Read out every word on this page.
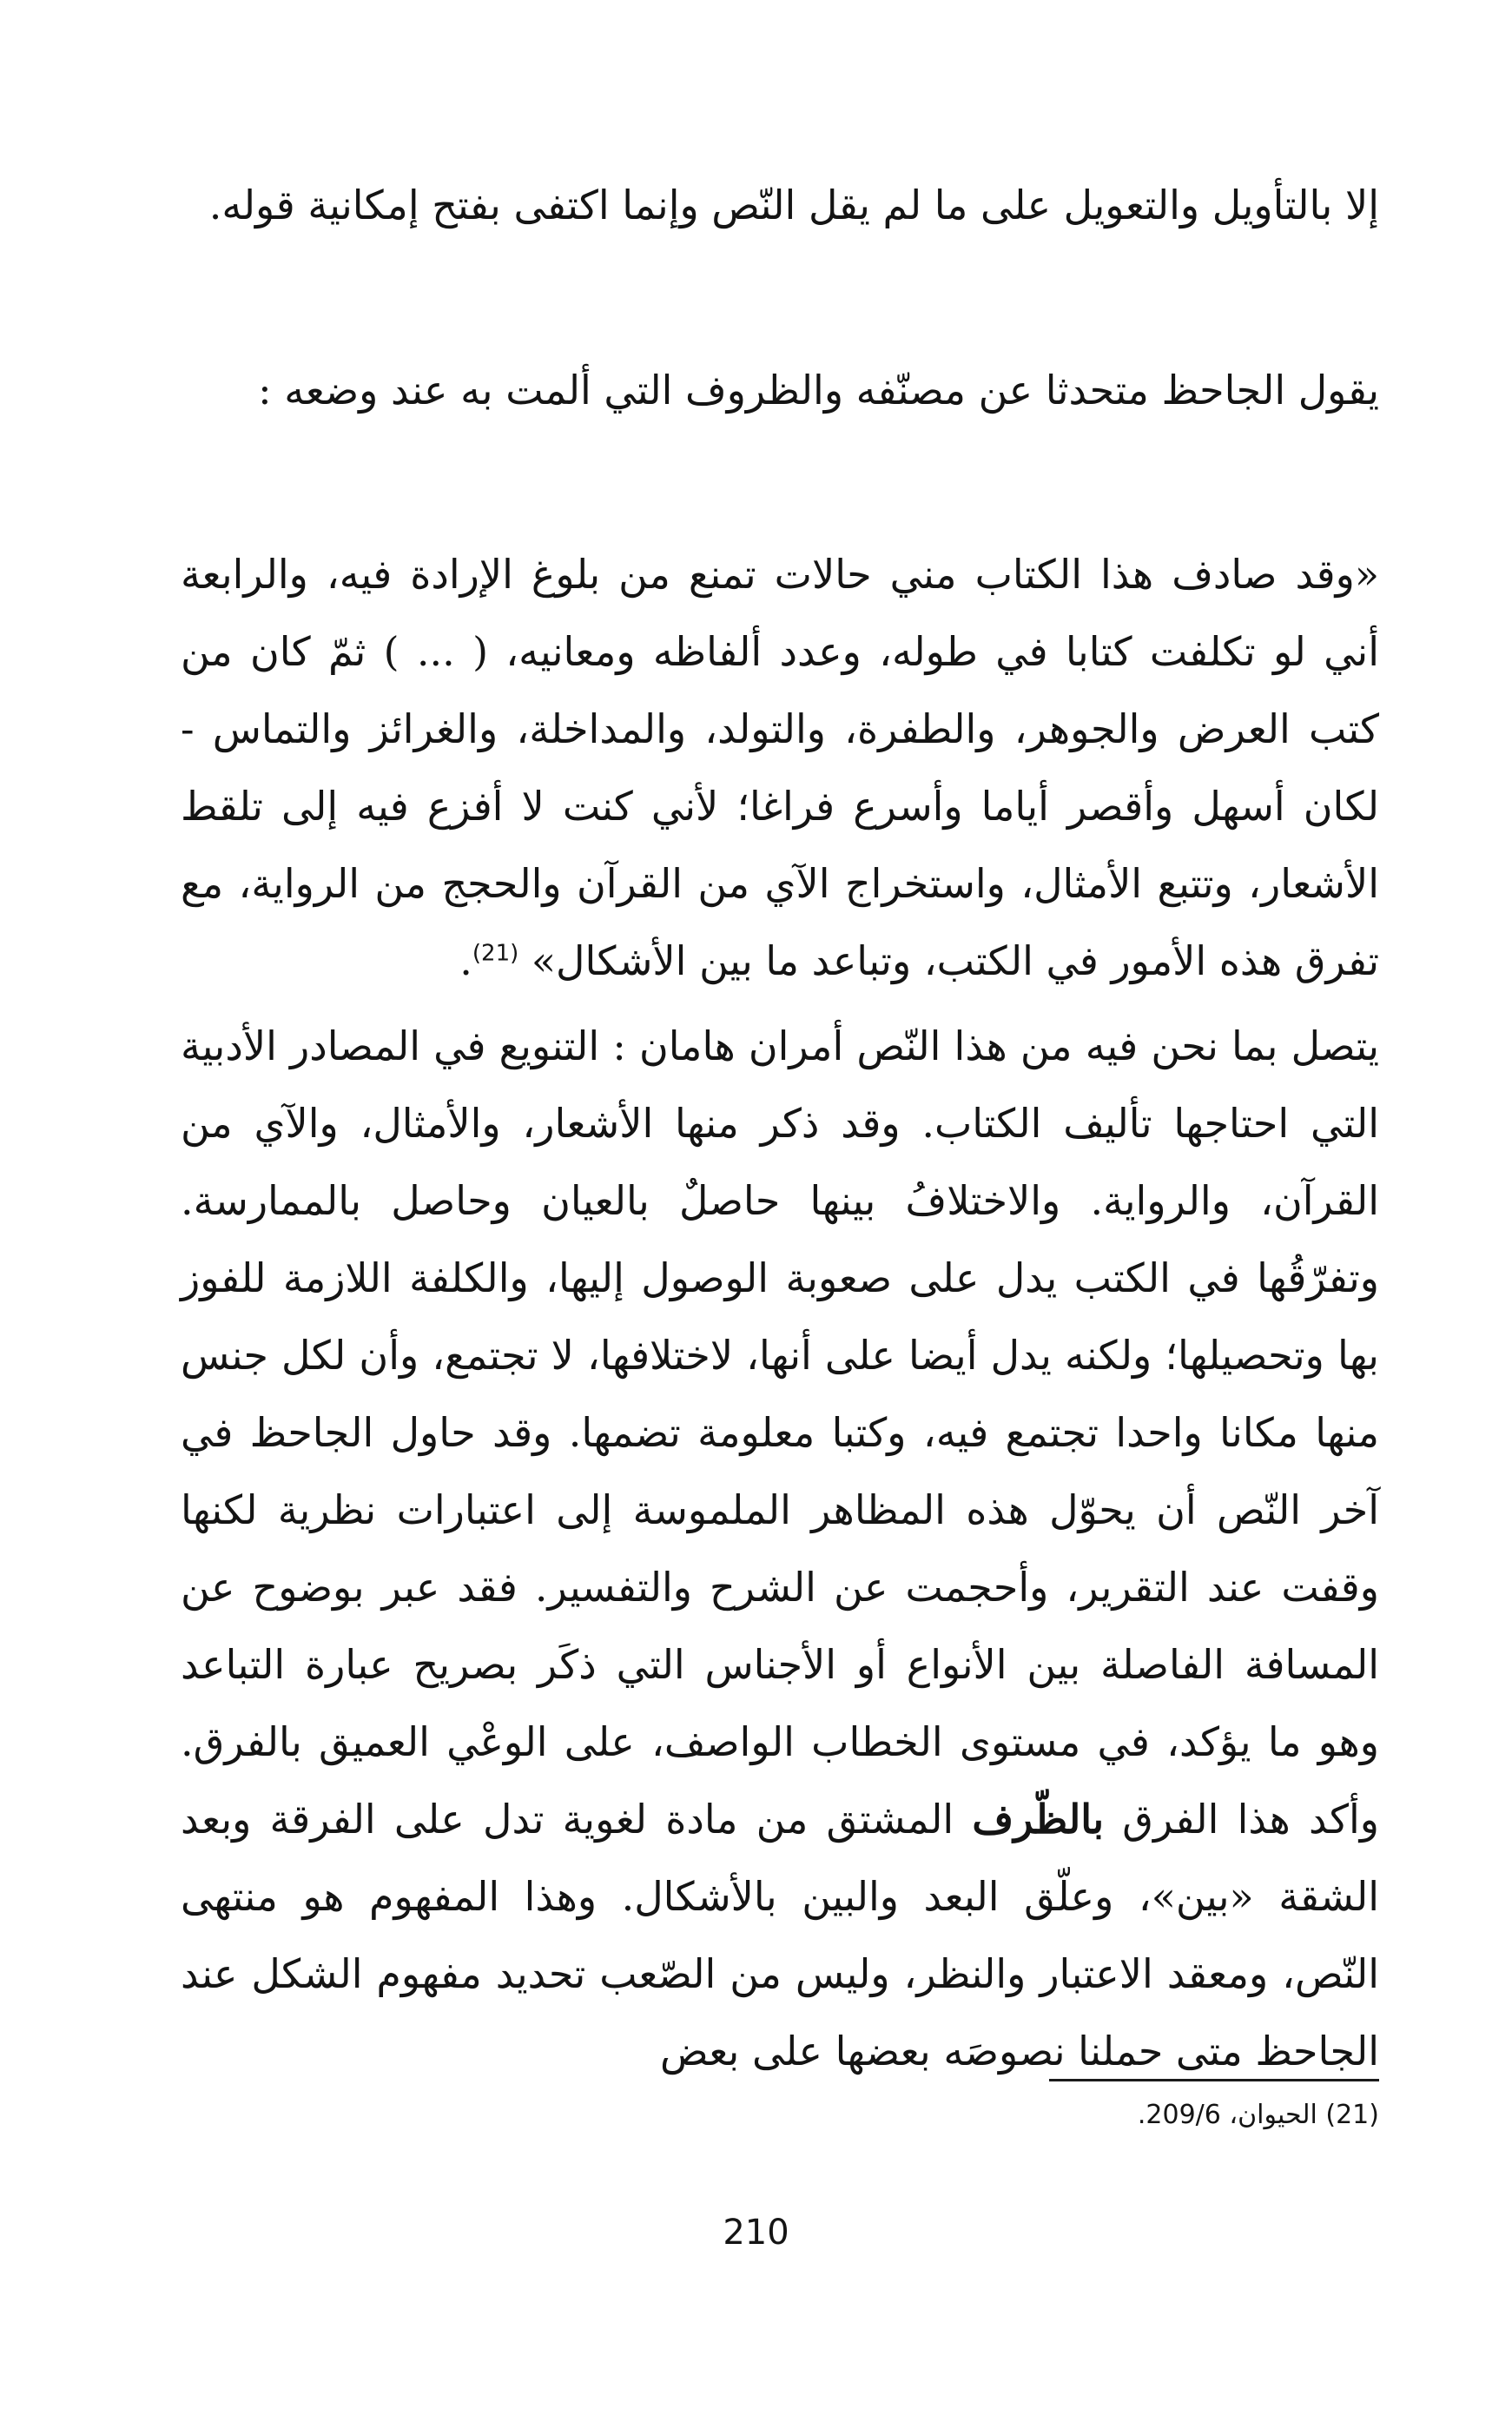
إلا بالتأويل والتعويل على ما لم يقل النّص وإنما اكتفى بفتح إمكانية قوله.

يقول الجاحظ متحدثا عن مصنّفه والظروف التي ألمت به عند وضعه :

«وقد صادف هذا الكتاب مني حالات تمنع من بلوغ الإرادة فيه، والرابعة أني لو تكلفت كتابا في طوله، وعدد ألفاظه ومعانيه، ( ... ) ثمّ كان من كتب العرض والجوهر، والطفرة، والتولد، والمداخلة، والغرائز والتماس - لكان أسهل وأقصر أياما وأسرع فراغا؛ لأني كنت لا أفزع فيه إلى تلقط الأشعار، وتتبع الأمثال، واستخراج الآي من القرآن والحجج من الرواية، مع تفرق هذه الأمور في الكتب، وتباعد ما بين الأشكال» $^{(21)}$.

يتصل بما نحن فيه من هذا النّص أمران هامان : التنويع في المصادر الأدبية التي احتاجها تأليف الكتاب. وقد ذكر منها الأشعار، والأمثال، والآي من القرآن، والرواية. والاختلافُ بينها حاصلٌ بالعيان وحاصل بالممارسة. وتفرّقُها في الكتب يدل على صعوبة الوصول إليها، والكلفة اللازمة للفوز بها وتحصيلها؛ ولكنه يدل أيضا على أنها، لاختلافها، لا تجتمع، وأن لكل جنس منها مكانا واحدا تجتمع فيه، وكتبا معلومة تضمها. وقد حاول الجاحظ في آخر النّص أن يحوّل هذه المظاهر الملموسة إلى اعتبارات نظرية لكنها وقفت عند التقرير، وأحجمت عن الشرح والتفسير. فقد عبر بوضوح عن المسافة الفاصلة بين الأنواع أو الأجناس التي ذكَر بصريح عبارة التباعد وهو ما يؤكد، في مستوى الخطاب الواصف، على الوعْي العميق بالفرق. وأكد هذا الفرق بالظّرف المشتق من مادة لغوية تدل على الفرقة وبعد الشقة «بين»، وعلّق البعد والبين بالأشكال. وهذا المفهوم هو منتهى النّص، ومعقد الاعتبار والنظر، وليس من الصّعب تحديد مفهوم الشكل عند الجاحظ متى حملنا نصوصَه بعضها على بعض

(21) الحيوان، 209/6.
210
